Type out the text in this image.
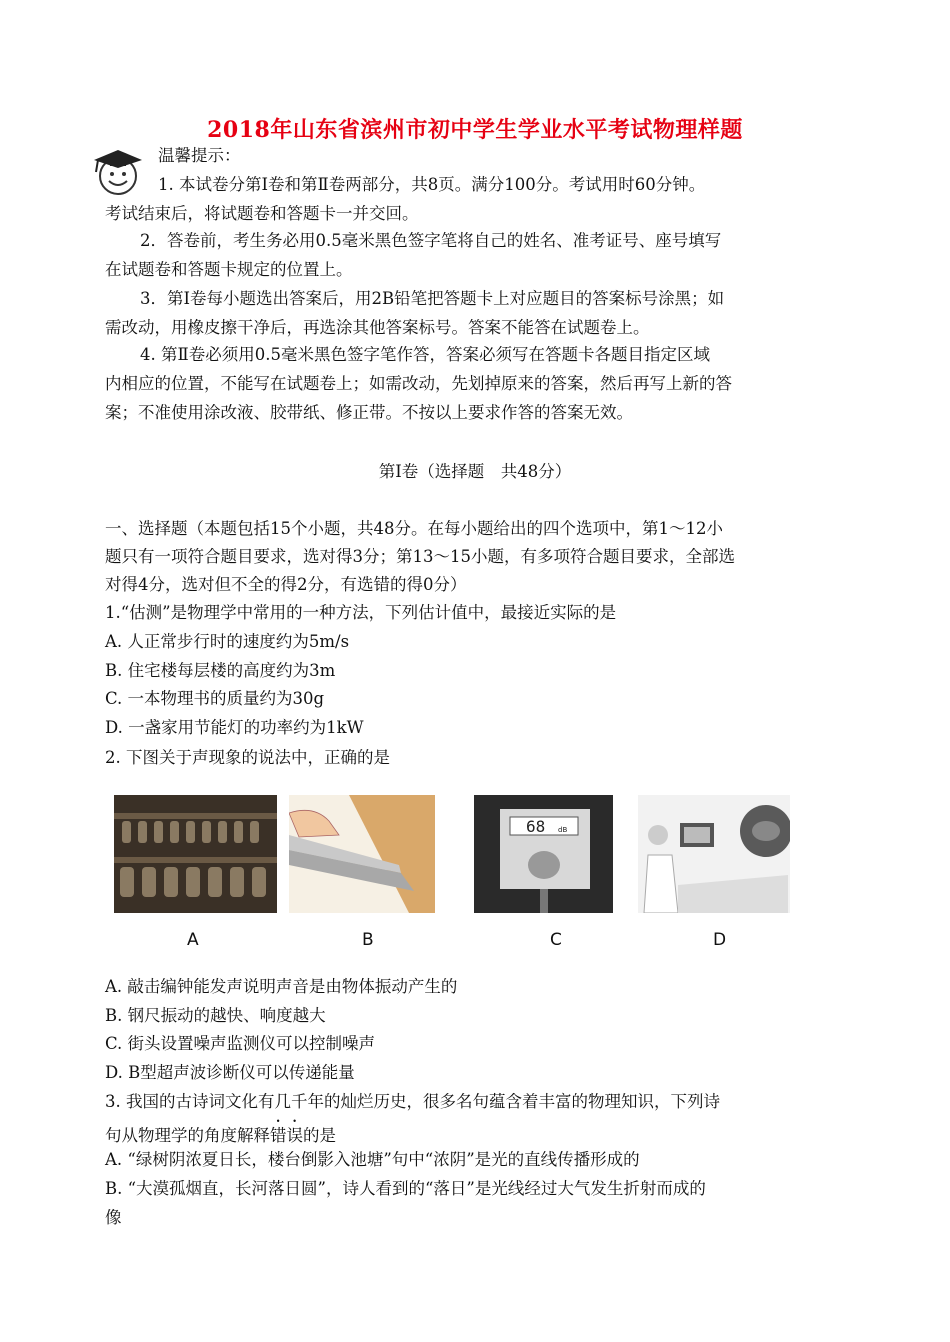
2018年山东省滨州市初中学生学业水平考试物理样题
温馨提示：
1. 本试卷分第Ⅰ卷和第Ⅱ卷两部分，共8页。满分100分。考试用时60分钟。
考试结束后，将试题卷和答题卡一并交回。
2．答卷前，考生务必用0.5毫米黑色签字笔将自己的姓名、准考证号、座号填写
在试题卷和答题卡规定的位置上。
3．第Ⅰ卷每小题选出答案后，用2B铅笔把答题卡上对应题目的答案标号涂黑；如
需改动，用橡皮擦干净后，再选涂其他答案标号。答案不能答在试题卷上。
4. 第Ⅱ卷必须用0.5毫米黑色签字笔作答，答案必须写在答题卡各题目指定区域
内相应的位置，不能写在试题卷上；如需改动，先划掉原来的答案，然后再写上新的答
案；不准使用涂改液、胶带纸、修正带。不按以上要求作答的答案无效。
第Ⅰ卷（选择题　共48分）
一、选择题（本题包括15个小题，共48分。在每小题给出的四个选项中，第1～12小
题只有一项符合题目要求，选对得3分；第13～15小题，有多项符合题目要求，全部选
对得4分，选对但不全的得2分，有选错的得0分）
1.“估测”是物理学中常用的一种方法，下列估计值中，最接近实际的是
A. 人正常步行时的速度约为5m/s
B. 住宅楼每层楼的高度约为3m
C. 一本物理书的质量约为30g
D. 一盏家用节能灯的功率约为1kW
2. 下图关于声现象的说法中，正确的是
68 dB
A	B	C	D
A. 敲击编钟能发声说明声音是由物体振动产生的
B. 钢尺振动的越快、响度越大
C. 街头设置噪声监测仪可以控制噪声
D. B型超声波诊断仪可以传递能量
3. 我国的古诗词文化有几千年的灿烂历史，很多名句蕴含着丰富的物理知识，下列诗
句从物理学的角度解释错误的是
A. “绿树阴浓夏日长，楼台倒影入池塘”句中“浓阴”是光的直线传播形成的
B. “大漠孤烟直，长河落日圆”，诗人看到的“落日”是光线经过大气发生折射而成的
像
